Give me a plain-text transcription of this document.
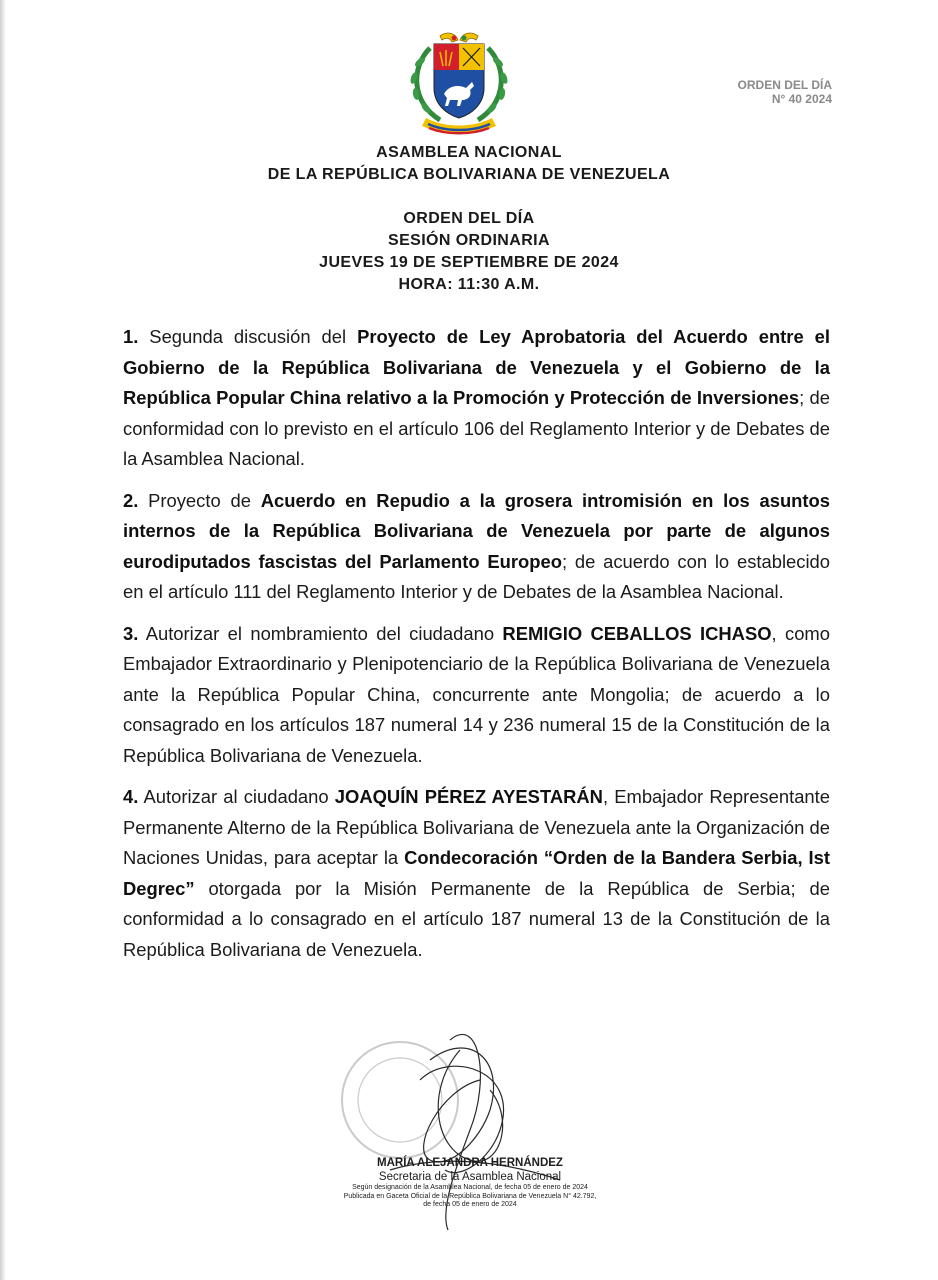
ORDEN DEL DÍA
N° 40 2024
ASAMBLEA NACIONAL
DE LA REPÚBLICA BOLIVARIANA DE VENEZUELA
ORDEN DEL DÍA
SESIÓN ORDINARIA
JUEVES 19 DE SEPTIEMBRE DE 2024
HORA: 11:30 A.M.

1. Segunda discusión del Proyecto de Ley Aprobatoria del Acuerdo entre el Gobierno de la República Bolivariana de Venezuela y el Gobierno de la República Popular China relativo a la Promoción y Protección de Inversiones; de conformidad con lo previsto en el artículo 106 del Reglamento Interior y de Debates de la Asamblea Nacional.

2. Proyecto de Acuerdo en Repudio a la grosera intromisión en los asuntos internos de la República Bolivariana de Venezuela por parte de algunos eurodiputados fascistas del Parlamento Europeo; de acuerdo con lo establecido en el artículo 111 del Reglamento Interior y de Debates de la Asamblea Nacional.

3. Autorizar el nombramiento del ciudadano REMIGIO CEBALLOS ICHASO, como Embajador Extraordinario y Plenipotenciario de la República Bolivariana de Venezuela ante la República Popular China, concurrente ante Mongolia; de acuerdo a lo consagrado en los artículos 187 numeral 14 y 236 numeral 15 de la Constitución de la República Bolivariana de Venezuela.

4. Autorizar al ciudadano JOAQUÍN PÉREZ AYESTARÁN, Embajador Representante Permanente Alterno de la República Bolivariana de Venezuela ante la Organización de Naciones Unidas, para aceptar la Condecoración “Orden de la Bandera Serbia, Ist Degrec” otorgada por la Misión Permanente de la República de Serbia; de conformidad a lo consagrado en el artículo 187 numeral 13 de la Constitución de la República Bolivariana de Venezuela.

MARÍA ALEJANDRA HERNÁNDEZ
Secretaria de la Asamblea Nacional
Según designación de la Asamblea Nacional, de fecha 05 de enero de 2024
Publicada en Gaceta Oficial de la República Bolivariana de Venezuela N° 42.792,
de fecha 05 de enero de 2024
